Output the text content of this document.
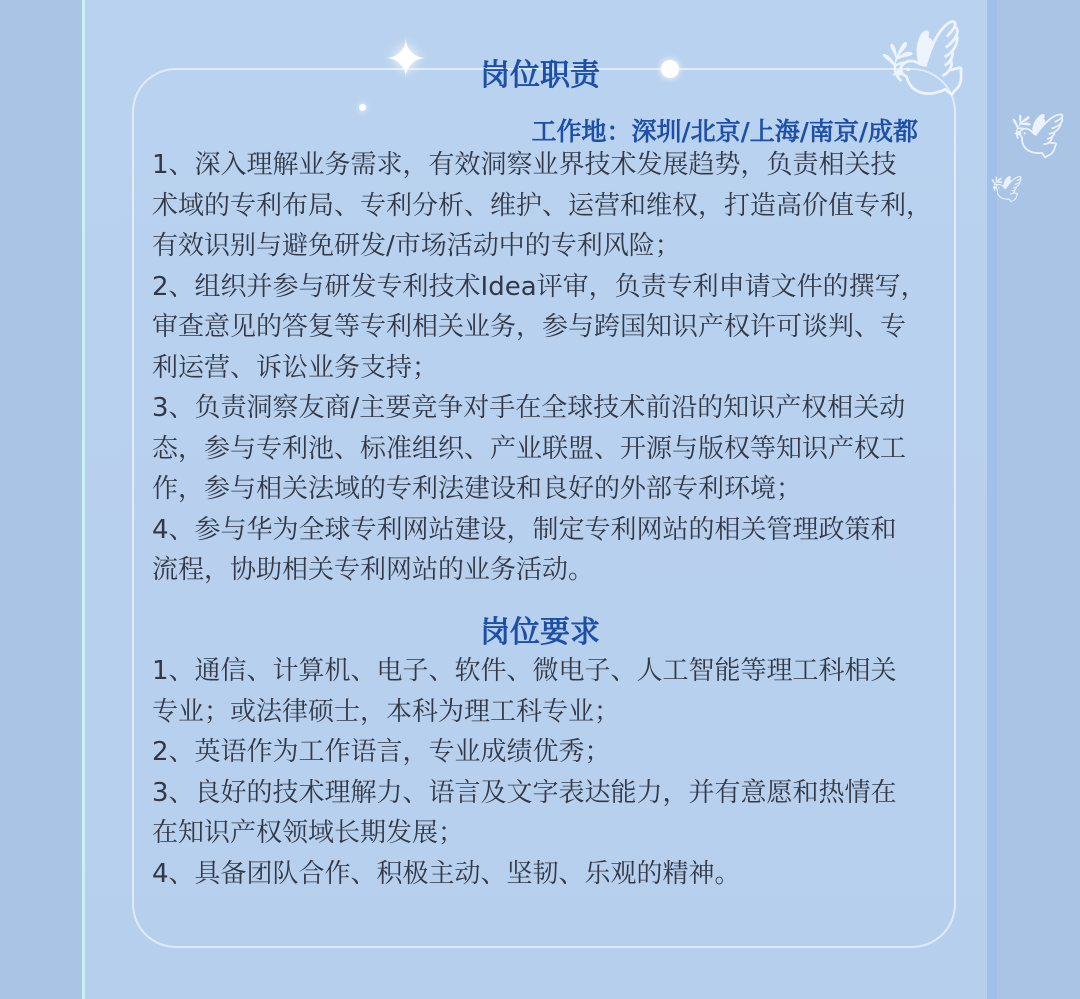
✦	🕊
🕊
🕊
岗位职责
工作地：深圳/北京/上海/南京/成都
1、深入理解业务需求，有效洞察业界技术发展趋势，负责相关技
术域的专利布局、专利分析、维护、运营和维权，打造高价值专利，
有效识别与避免研发/市场活动中的专利风险；
2、组织并参与研发专利技术Idea评审，负责专利申请文件的撰写，
审查意见的答复等专利相关业务，参与跨国知识产权许可谈判、专
利运营、诉讼业务支持；
3、负责洞察友商/主要竞争对手在全球技术前沿的知识产权相关动
态，参与专利池、标准组织、产业联盟、开源与版权等知识产权工
作，参与相关法域的专利法建设和良好的外部专利环境；
4、参与华为全球专利网站建设，制定专利网站的相关管理政策和
流程，协助相关专利网站的业务活动。
岗位要求
1、通信、计算机、电子、软件、微电子、人工智能等理工科相关
专业；或法律硕士，本科为理工科专业；
2、英语作为工作语言，专业成绩优秀；
3、良好的技术理解力、语言及文字表达能力，并有意愿和热情在
在知识产权领域长期发展；
4、具备团队合作、积极主动、坚韧、乐观的精神。
